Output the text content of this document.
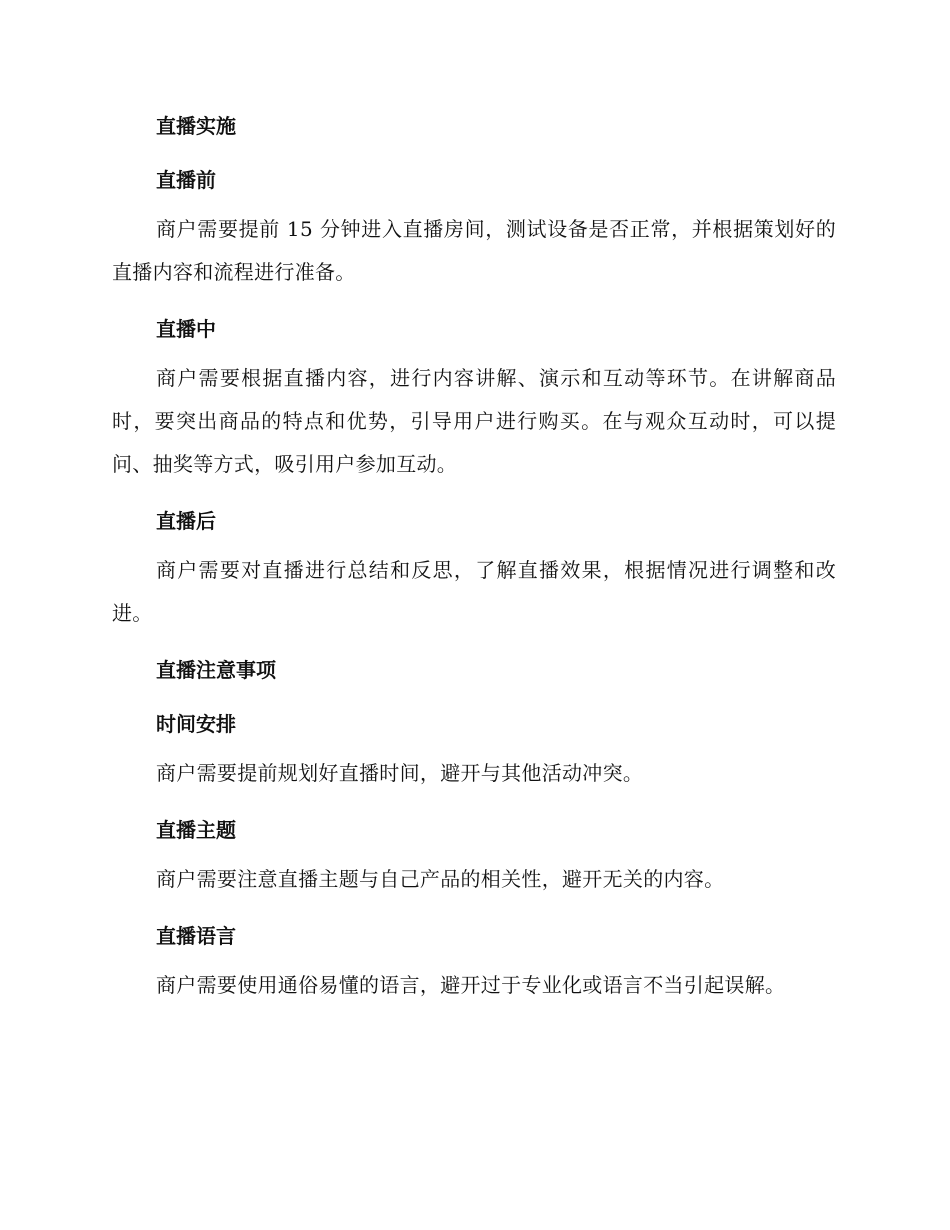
直播实施
直播前
商户需要提前 15 分钟进入直播房间，测试设备是否正常，并根据策划好的直播内容和流程进行准备。
直播中
商户需要根据直播内容，进行内容讲解、演示和互动等环节。在讲解商品时，要突出商品的特点和优势，引导用户进行购买。在与观众互动时，可以提问、抽奖等方式，吸引用户参加互动。
直播后
商户需要对直播进行总结和反思，了解直播效果，根据情况进行调整和改进。
直播注意事项
时间安排
商户需要提前规划好直播时间，避开与其他活动冲突。
直播主题
商户需要注意直播主题与自己产品的相关性，避开无关的内容。
直播语言
商户需要使用通俗易懂的语言，避开过于专业化或语言不当引起误解。
